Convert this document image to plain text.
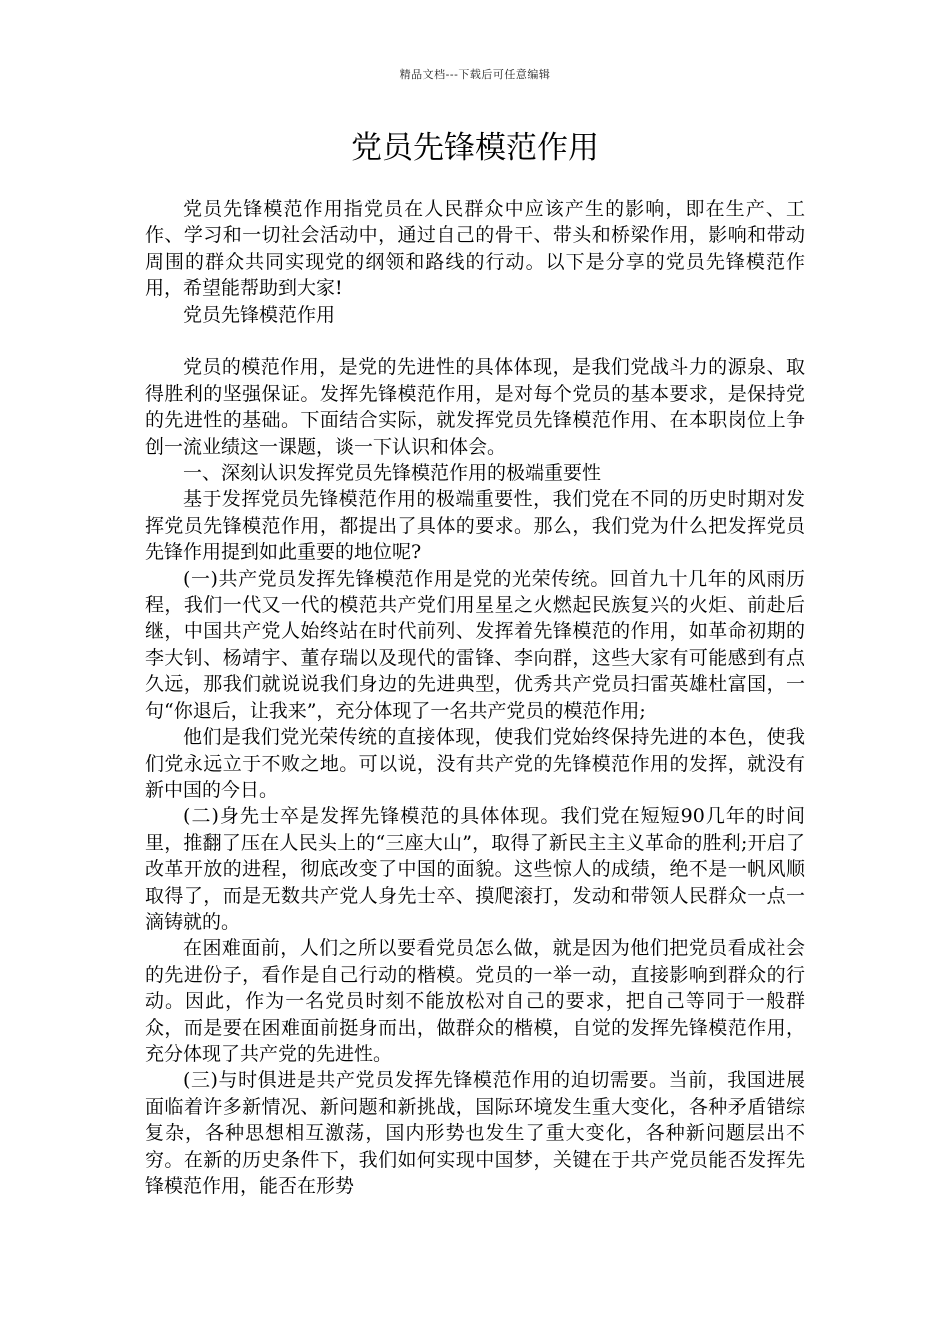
精品文档---下载后可任意编辑
党员先锋模范作用

党员先锋模范作用指党员在人民群众中应该产生的影响，即在生产、工作、学习和一切社会活动中，通过自己的骨干、带头和桥梁作用，影响和带动周围的群众共同实现党的纲领和路线的行动。以下是分享的党员先锋模范作用，希望能帮助到大家!

党员先锋模范作用

党员的模范作用，是党的先进性的具体体现，是我们党战斗力的源泉、取得胜利的坚强保证。发挥先锋模范作用，是对每个党员的基本要求，是保持党的先进性的基础。下面结合实际，就发挥党员先锋模范作用、在本职岗位上争创一流业绩这一课题，谈一下认识和体会。

一、深刻认识发挥党员先锋模范作用的极端重要性

基于发挥党员先锋模范作用的极端重要性，我们党在不同的历史时期对发挥党员先锋模范作用，都提出了具体的要求。那么，我们党为什么把发挥党员先锋作用提到如此重要的地位呢?

(一)共产党员发挥先锋模范作用是党的光荣传统。回首九十几年的风雨历程，我们一代又一代的模范共产党们用星星之火燃起民族复兴的火炬、前赴后继，中国共产党人始终站在时代前列、发挥着先锋模范的作用，如革命初期的李大钊、杨靖宇、董存瑞以及现代的雷锋、李向群，这些大家有可能感到有点久远，那我们就说说我们身边的先进典型，优秀共产党员扫雷英雄杜富国，一句“你退后，让我来”，充分体现了一名共产党员的模范作用;

他们是我们党光荣传统的直接体现，使我们党始终保持先进的本色，使我们党永远立于不败之地。可以说，没有共产党的先锋模范作用的发挥，就没有新中国的今日。

(二)身先士卒是发挥先锋模范的具体体现。我们党在短短90几年的时间里，推翻了压在人民头上的“三座大山”，取得了新民主主义革命的胜利;开启了改革开放的进程，彻底改变了中国的面貌。这些惊人的成绩，绝不是一帆风顺取得了，而是无数共产党人身先士卒、摸爬滚打，发动和带领人民群众一点一滴铸就的。

在困难面前，人们之所以要看党员怎么做，就是因为他们把党员看成社会的先进份子，看作是自己行动的楷模。党员的一举一动，直接影响到群众的行动。因此，作为一名党员时刻不能放松对自己的要求，把自己等同于一般群众，而是要在困难面前挺身而出，做群众的楷模，自觉的发挥先锋模范作用，充分体现了共产党的先进性。

(三)与时俱进是共产党员发挥先锋模范作用的迫切需要。当前，我国进展面临着许多新情况、新问题和新挑战，国际环境发生重大变化，各种矛盾错综复杂，各种思想相互激荡，国内形势也发生了重大变化，各种新问题层出不穷。在新的历史条件下，我们如何实现中国梦，关键在于共产党员能否发挥先锋模范作用，能否在形势
